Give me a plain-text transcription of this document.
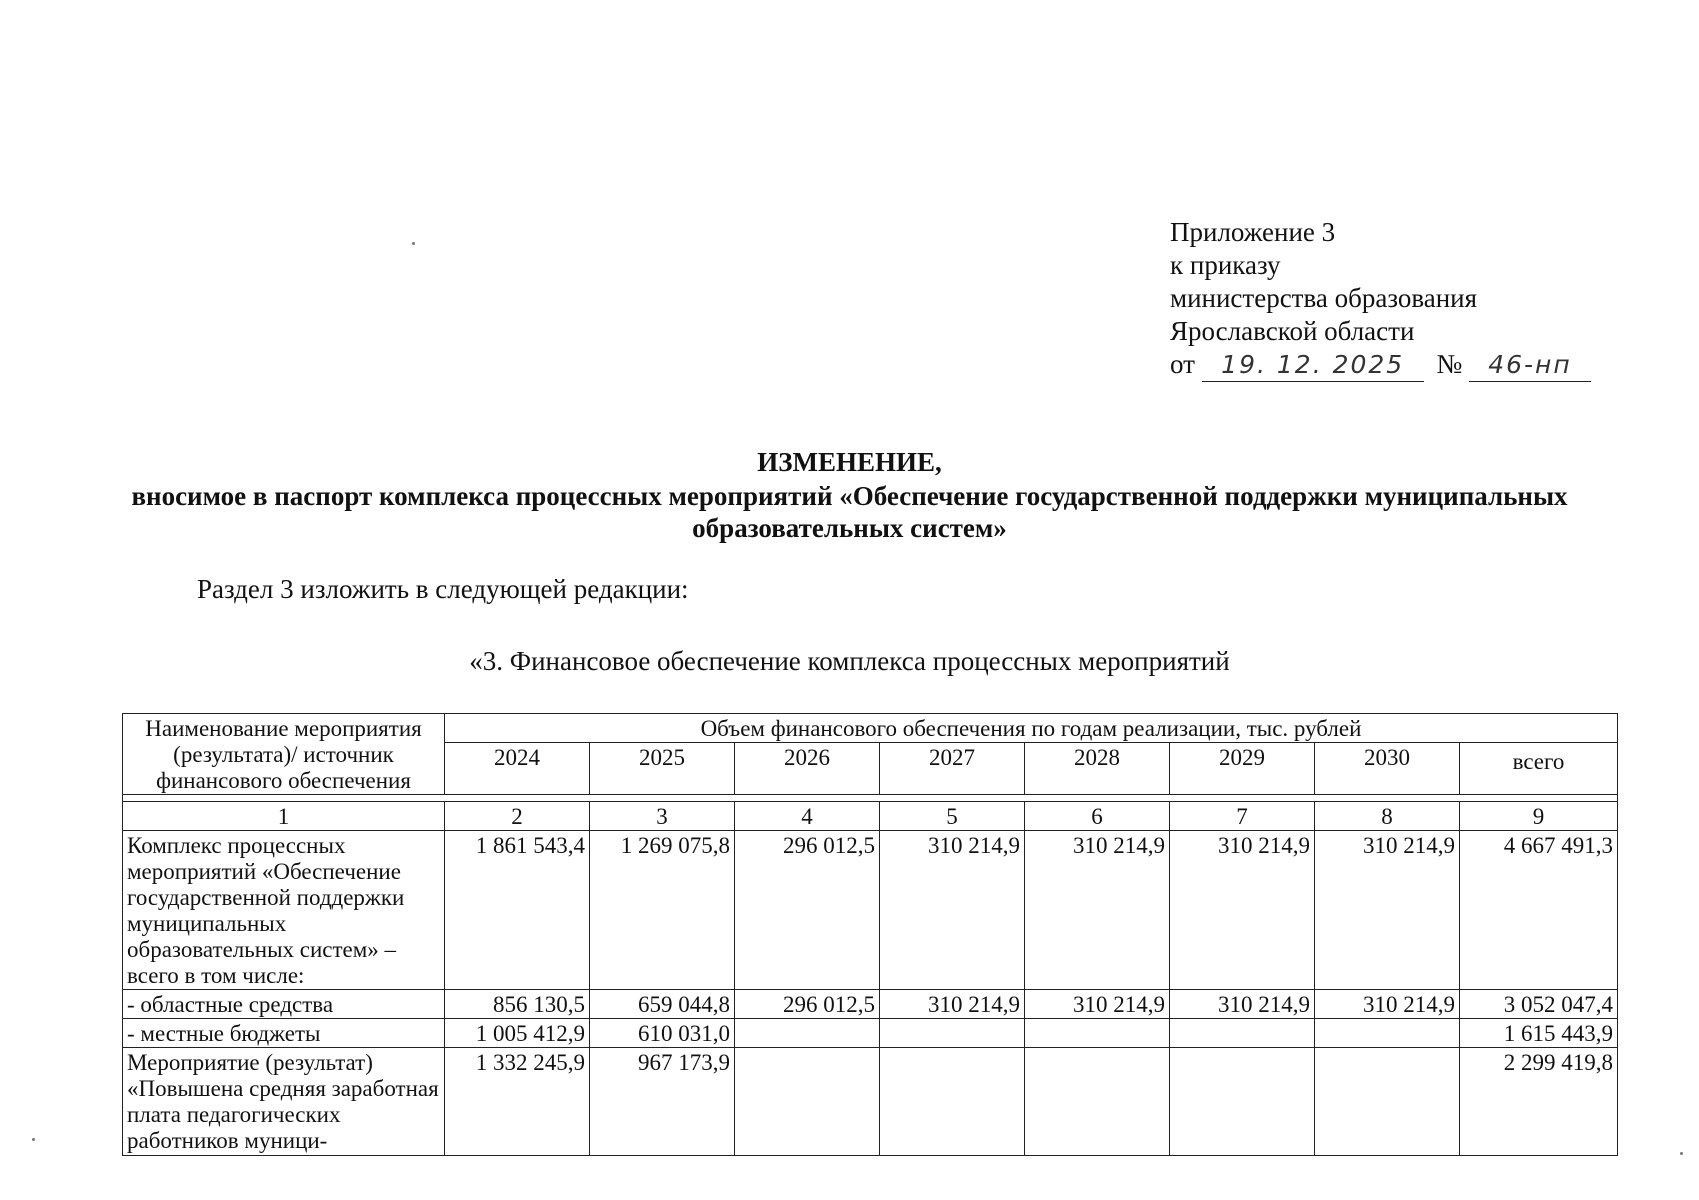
Приложение 3
к приказу
министерства образования
Ярославской области
от 19. 12. 2025 № 46-нп
ИЗМЕНЕНИЕ,
вносимое в паспорт комплекса процессных мероприятий «Обеспечение государственной поддержки муниципальных образовательных систем»
Раздел 3 изложить в следующей редакции:
«3. Финансовое обеспечение комплекса процессных мероприятий
Наименование мероприятия (результата)/ источник финансового обеспечения	Объем финансового обеспечения по годам реализации, тыс. рублей							
	2024	2025	2026	2027	2028	2029	2030	всего

1	2	3	4	5	6	7	8	9
Комплекс процессных мероприятий «Обеспечение государственной поддержки муниципальных образовательных систем» – всего в том числе:	1 861 543,4	1 269 075,8	296 012,5	310 214,9	310 214,9	310 214,9	310 214,9	4 667 491,3
- областные средства	856 130,5	659 044,8	296 012,5	310 214,9	310 214,9	310 214,9	310 214,9	3 052 047,4
- местные бюджеты	1 005 412,9	610 031,0						1 615 443,9
Мероприятие (результат) «Повышена средняя заработная плата педагогических работников муници-	1 332 245,9	967 173,9						2 299 419,8
